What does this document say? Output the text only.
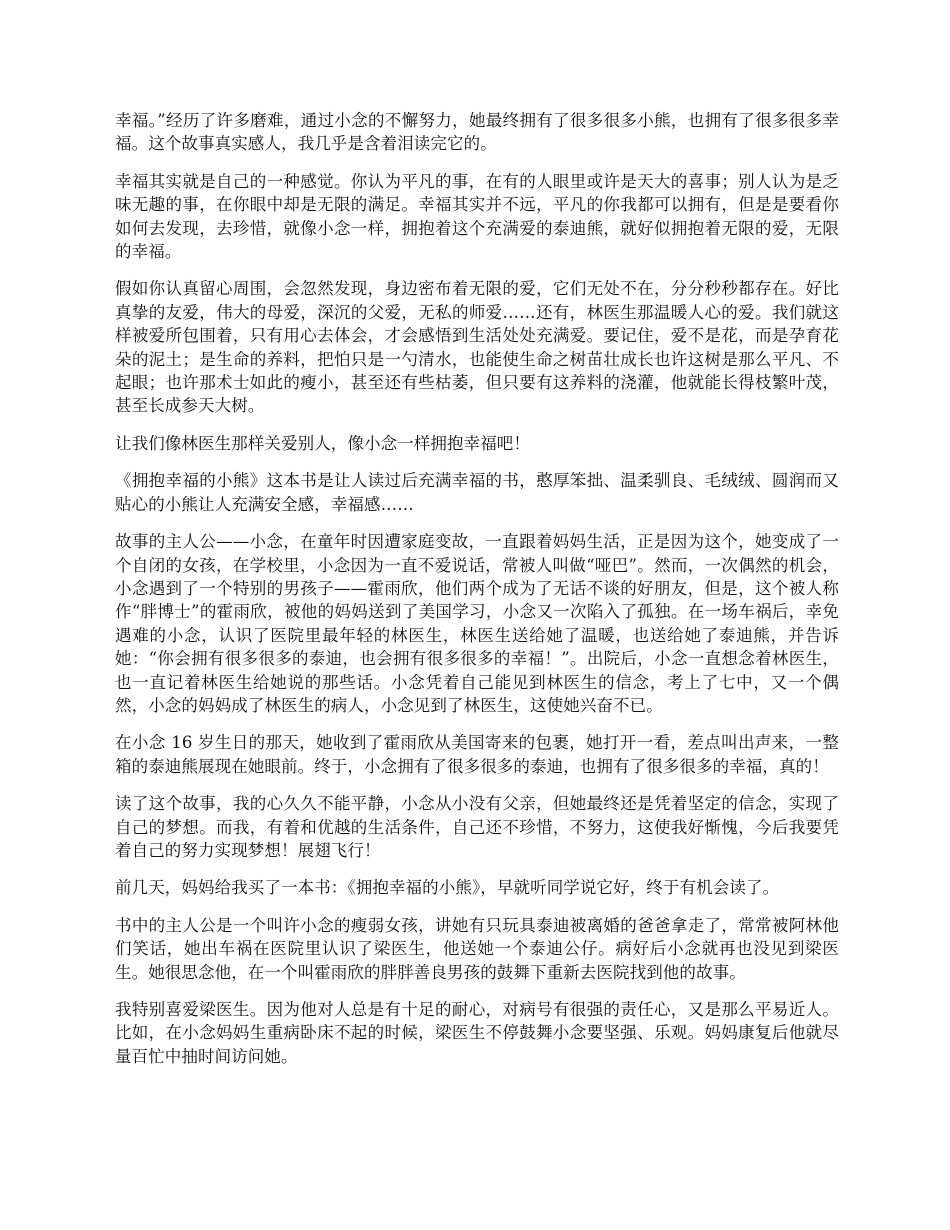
幸福。”经历了许多磨难，通过小念的不懈努力，她最终拥有了很多很多小熊，也拥有了很多很多幸福。这个故事真实感人，我几乎是含着泪读完它的。

幸福其实就是自己的一种感觉。你认为平凡的事，在有的人眼里或许是天大的喜事；别人认为是乏味无趣的事，在你眼中却是无限的满足。幸福其实并不远，平凡的你我都可以拥有，但是是要看你如何去发现，去珍惜，就像小念一样，拥抱着这个充满爱的泰迪熊，就好似拥抱着无限的爱，无限的幸福。

假如你认真留心周围，会忽然发现，身边密布着无限的爱，它们无处不在，分分秒秒都存在。好比真挚的友爱，伟大的母爱，深沉的父爱，无私的师爱……还有，林医生那温暖人心的爱。我们就这样被爱所包围着，只有用心去体会，才会感悟到生活处处充满爱。要记住，爱不是花，而是孕育花朵的泥土；是生命的养料，把怕只是一勺清水，也能使生命之树苗壮成长也许这树是那么平凡、不起眼；也许那术士如此的瘦小，甚至还有些枯萎，但只要有这养料的浇灌，他就能长得枝繁叶茂，甚至长成参天大树。

让我们像林医生那样关爱别人，像小念一样拥抱幸福吧！

《拥抱幸福的小熊》这本书是让人读过后充满幸福的书，憨厚笨拙、温柔驯良、毛绒绒、圆润而又贴心的小熊让人充满安全感，幸福感……

故事的主人公——小念，在童年时因遭家庭变故，一直跟着妈妈生活，正是因为这个，她变成了一个自闭的女孩，在学校里，小念因为一直不爱说话，常被人叫做“哑巴”。然而，一次偶然的机会，小念遇到了一个特别的男孩子——霍雨欣，他们两个成为了无话不谈的好朋友，但是，这个被人称作“胖博士”的霍雨欣，被他的妈妈送到了美国学习，小念又一次陷入了孤独。在一场车祸后，幸免遇难的小念，认识了医院里最年轻的林医生，林医生送给她了温暖，也送给她了泰迪熊，并告诉她：“你会拥有很多很多的泰迪，也会拥有很多很多的幸福！”。出院后，小念一直想念着林医生，也一直记着林医生给她说的那些话。小念凭着自己能见到林医生的信念，考上了七中，又一个偶然，小念的妈妈成了林医生的病人，小念见到了林医生，这使她兴奋不已。

在小念 16 岁生日的那天，她收到了霍雨欣从美国寄来的包裹，她打开一看，差点叫出声来，一整箱的泰迪熊展现在她眼前。终于，小念拥有了很多很多的泰迪，也拥有了很多很多的幸福，真的！

读了这个故事，我的心久久不能平静，小念从小没有父亲，但她最终还是凭着坚定的信念，实现了自己的梦想。而我，有着和优越的生活条件，自己还不珍惜，不努力，这使我好惭愧，今后我要凭着自己的努力实现梦想！展翅飞行！

前几天，妈妈给我买了一本书：《拥抱幸福的小熊》，早就听同学说它好，终于有机会读了。

书中的主人公是一个叫许小念的瘦弱女孩，讲她有只玩具泰迪被离婚的爸爸拿走了，常常被阿林他们笑话，她出车祸在医院里认识了梁医生，他送她一个泰迪公仔。病好后小念就再也没见到梁医生。她很思念他，在一个叫霍雨欣的胖胖善良男孩的鼓舞下重新去医院找到他的故事。

我特别喜爱梁医生。因为他对人总是有十足的耐心，对病号有很强的责任心，又是那么平易近人。比如，在小念妈妈生重病卧床不起的时候，梁医生不停鼓舞小念要坚强、乐观。妈妈康复后他就尽量百忙中抽时间访问她。
